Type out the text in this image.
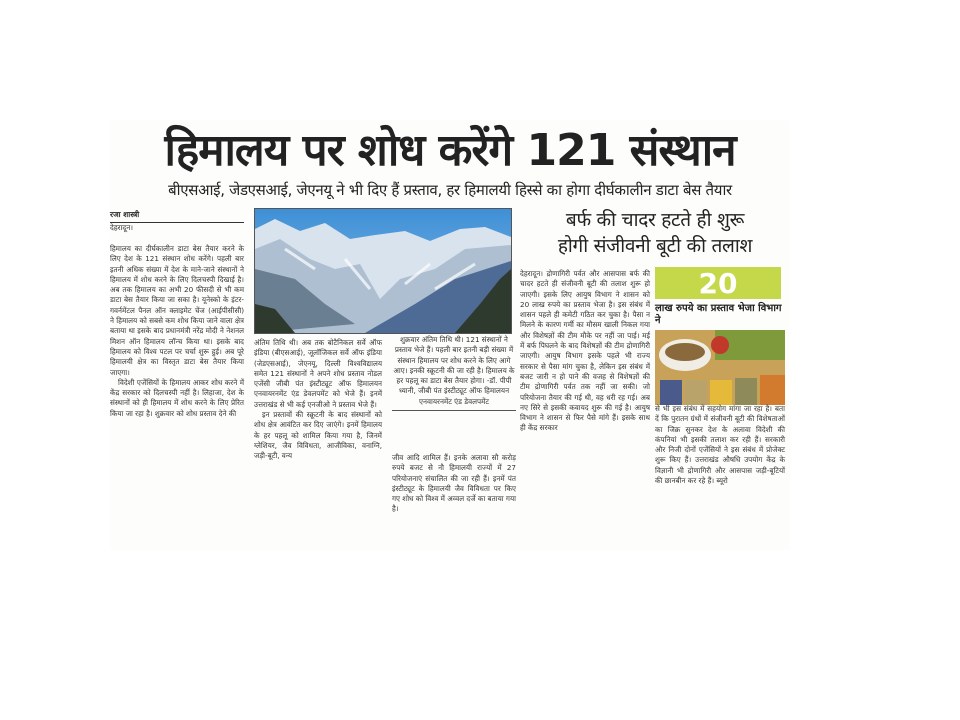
हिमालय पर शोध करेंगे 121 संस्थान
बीएसआई, जेडएसआई, जेएनयू ने भी दिए हैं प्रस्ताव, हर हिमालयी हिस्से का होगा दीर्घकालीन डाटा बेस तैयार
रजा शास्त्री
देहरादून।

हिमालय का दीर्घकालीन डाटा बेस तैयार करने के लिए देश के 121 संस्थान शोध करेंगे। पहली बार इतनी अधिक संख्या में देश के माने-जाने संस्थानों ने हिमालय में शोध करने के लिए दिलचस्पी दिखाई है। अब तक हिमालय का अभी 20 फीसदी से भी कम डाटा बेस तैयार किया जा सका है। यूनेस्को के इंटर-गवर्नमेंटल पैनल ऑन क्लाइमेट चेंज (आईपीसीसी) ने हिमालय को सबसे कम शोध किया जाने वाला क्षेत्र बताया था इसके बाद प्रधानमंत्री नरेंद्र मोदी ने नेशनल मिशन ऑन हिमालय लॉन्च किया था। इसके बाद हिमालय को विश्व पटल पर चर्चा शुरू हुई। अब पूरे हिमालयी क्षेत्र का विस्तृत डाटा बेस तैयार किया जाएगा।

विदेशी एजेंसियों के हिमालय आकर शोध करने में केंद्र सरकार को दिलचस्पी नहीं है। लिहाजा, देश के संस्थानों को ही हिमालय में शोध करने के लिए प्रेरित किया जा रहा है। शुक्रवार को शोध प्रस्ताव देने की

अंतिम तिथि थी। अब तक बोटैनिकल सर्वे ऑफ इंडिया (बीएसआई), जूलॉजिकल सर्वे ऑफ इंडिया (जेडएसआई), जेएनयू, दिल्ली विश्वविद्यालय समेत 121 संस्थानों ने अपने शोध प्रस्ताव नोडल एजेंसी जीबी पंत इंस्टीट्यूट ऑफ हिमालयन एनवायरनमेंट एंड डेवलपमेंट को भेजे हैं। इनमें उत्तराखंड से भी कई एनजीओ ने प्रस्ताव भेजे हैं।

इन प्रस्तावों की स्क्रूटनी के बाद संस्थानों को शोध क्षेत्र आवंटित कर दिए जाएंगे। इनमें हिमालय के हर पहलू को शामिल किया गया है, जिनमें ग्लेशियर, जैव विविधता, आजीविका, वनाग्नि, जड़ी-बूटी, वन्य

शुक्रवार अंतिम तिथि थी। 121 संस्थानों ने प्रस्ताव भेजे हैं। पहली बार इतनी बड़ी संख्या में संस्थान हिमालय पर शोध करने के लिए आगे आए। इनकी स्क्रूटनी की जा रही है। हिमालय के हर पहलू का डाटा बेस तैयार होगा। -डॉ. पीपी ध्यानी, जीबी पंत इंस्टीट्यूट ऑफ हिमालयन एनवायरनमेंट एंड डेवलपमेंट

जीव आदि शामिल हैं। इनके अलावा सौ करोड़ रुपये बजट से नौ हिमालयी राज्यों में 27 परियोजनाएं संचालित की जा रही हैं। इनमें पंत इंस्टीट्यूट के हिमालयी जैव विविधता पर किए गए शोध को विश्व में अव्वल दर्जे का बताया गया है।

बर्फ की चादर हटते ही शुरू
होगी संजीवनी बूटी की तलाश

देहरादून। द्रोणागिरी पर्वत और आसपास बर्फ की चादर हटते ही संजीवनी बूटी की तलाश शुरू हो जाएगी। इसके लिए आयुष विभाग ने शासन को 20 लाख रुपये का प्रस्ताव भेजा है। इस संबंध में शासन पहले ही कमेटी गठित कर चुका है। पैसा न मिलने के कारण गर्मी का मौसम खाली निकल गया और विशेषज्ञों की टीम मौके पर नहीं जा पाई। मई में बर्फ पिघलने के बाद विशेषज्ञों की टीम द्रोणागिरी जाएगी। आयुष विभाग इसके पहले भी राज्य सरकार से पैसा मांग चुका है, लेकिन इस संबंध में बजट जारी न हो पाने की वजह से विशेषज्ञों की टीम द्रोणागिरी पर्वत तक नहीं जा सकी। जो परियोजना तैयार की गई थी, वह धरी रह गई। अब नए सिरे से इसकी कवायद शुरू की गई है। आयुष विभाग ने शासन से फिर पैसे मांगे हैं। इसके साथ ही केंद्र सरकार

20
लाख रुपये का प्रस्ताव भेजा विभाग ने

से भी इस संबंध में सहयोग मांगा जा रहा है। बता दें कि पुरातन ग्रंथों में संजीवनी बूटी की विशेषताओं का जिक्र सुनकर देश के अलावा विदेशी की कंपनियां भी इसकी तलाश कर रही हैं। सरकारी और निजी दोनों एजेंसियों ने इस संबंध में प्रोजेक्ट शुरू किए हैं। उत्तराखंड औषधि उपयोग केंद्र के विज्ञानी भी द्रोणागिरी और आसपास जड़ी-बूटियों की छानबीन कर रहे हैं। ब्यूरो
